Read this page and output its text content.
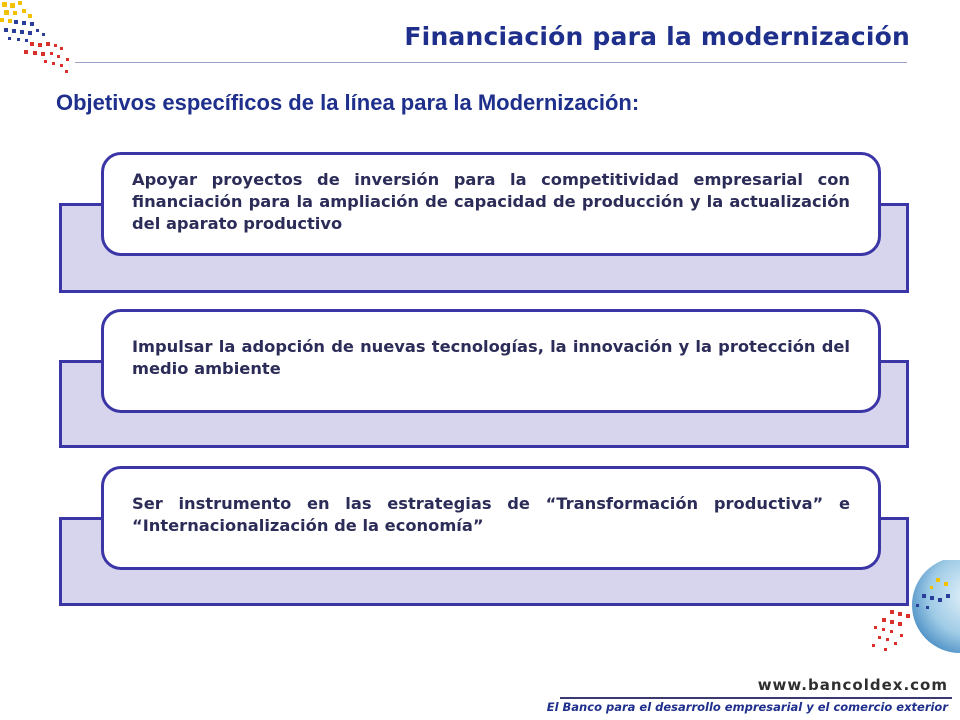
Financiación para la modernización
Objetivos específicos de la línea para la Modernización:

Apoyar proyectos de inversión para la competitividad empresarial con financiación para la ampliación de capacidad de producción y la actualización del aparato productivo

Impulsar la adopción de nuevas tecnologías, la innovación y la protección del medio ambiente

Ser instrumento en las estrategias de “Transformación productiva” e “Internacionalización de la economía”

www.bancoldex.com
El Banco para el desarrollo empresarial y el comercio exterior
